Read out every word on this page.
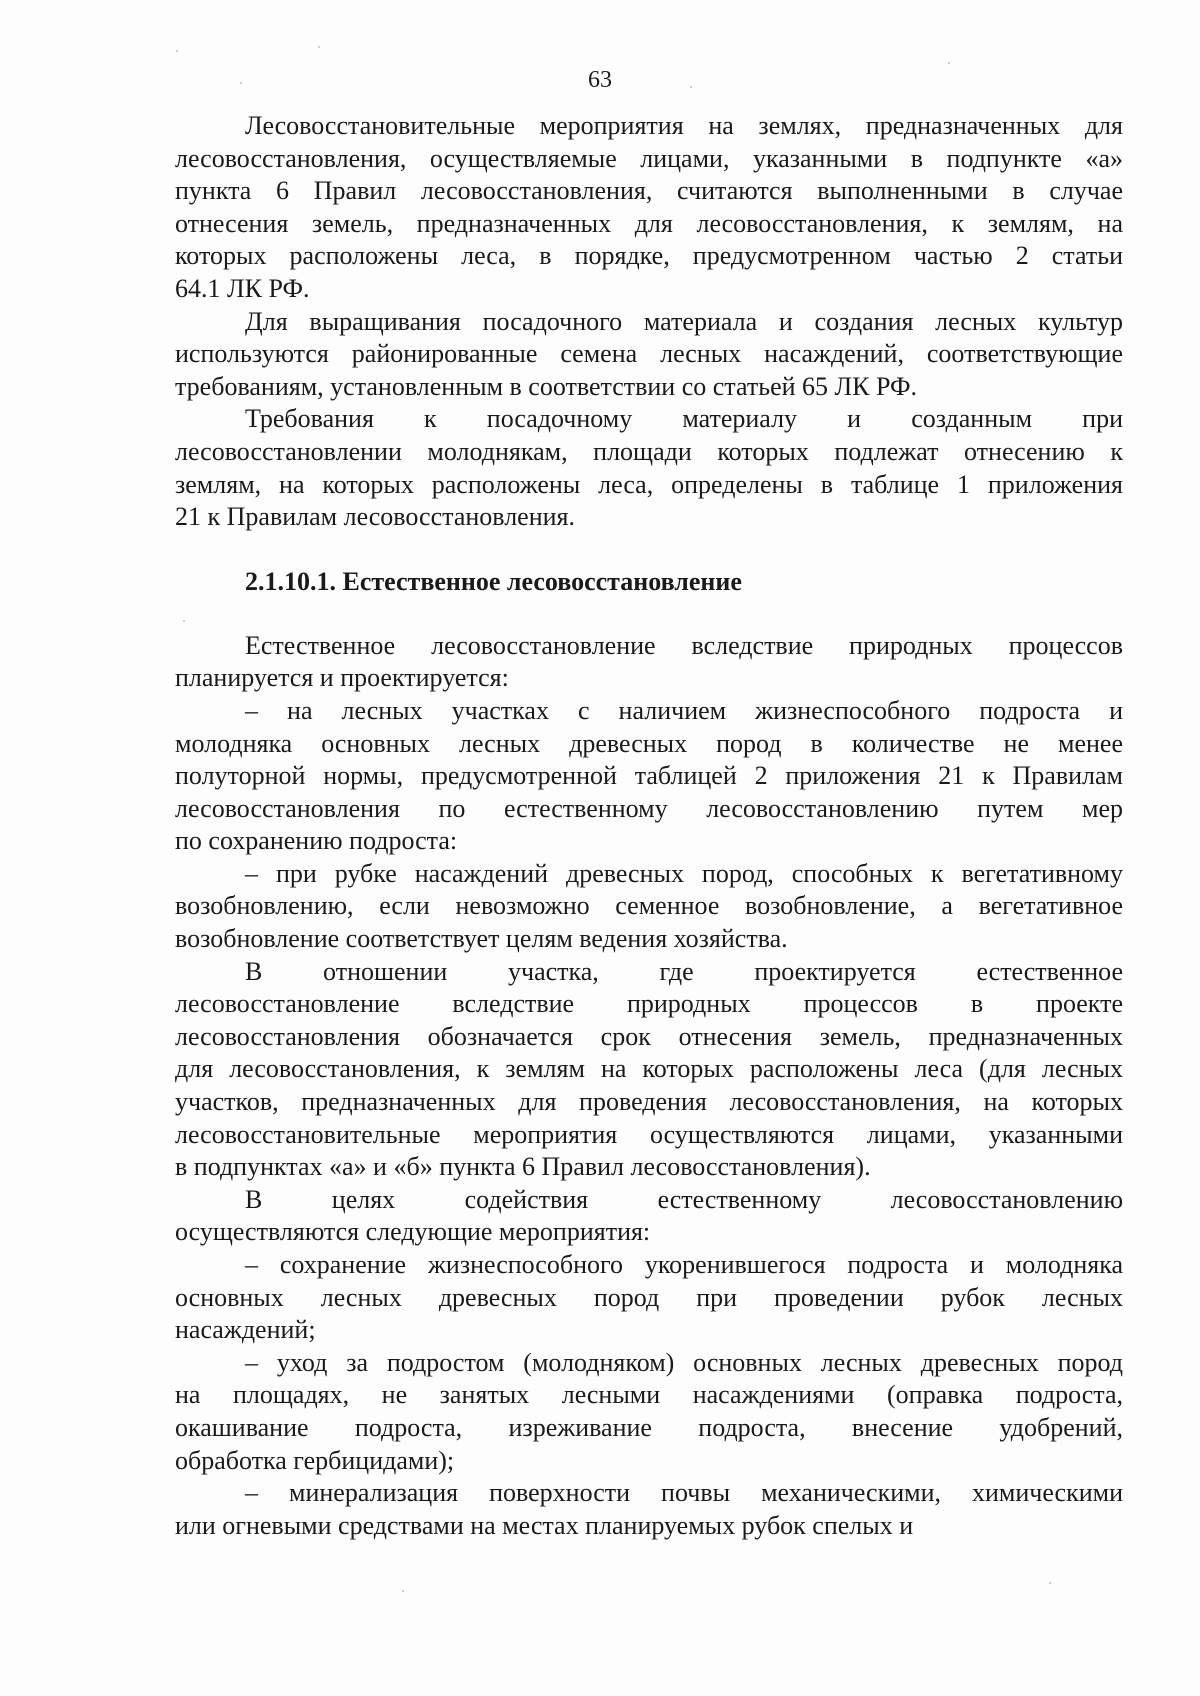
63
Лесовосстановительные мероприятия на землях, предназначенных для
лесовосстановления, осуществляемые лицами, указанными в подпункте «а»
пункта 6 Правил лесовосстановления, считаются выполненными в случае
отнесения земель, предназначенных для лесовосстановления, к землям, на
которых расположены леса, в порядке, предусмотренном частью 2 статьи
64.1 ЛК РФ.
Для выращивания посадочного материала и создания лесных культур
используются районированные семена лесных насаждений, соответствующие
требованиям, установленным в соответствии со статьей 65 ЛК РФ.
Требования к посадочному материалу и созданным при
лесовосстановлении молоднякам, площади которых подлежат отнесению к
землям, на которых расположены леса, определены в таблице 1 приложения
21 к Правилам лесовосстановления.
2.1.10.1. Естественное лесовосстановление
Естественное лесовосстановление вследствие природных процессов
планируется и проектируется:
– на лесных участках с наличием жизнеспособного подроста и
молодняка основных лесных древесных пород в количестве не менее
полуторной нормы, предусмотренной таблицей 2 приложения 21 к Правилам
лесовосстановления по естественному лесовосстановлению путем мер
по сохранению подроста:
– при рубке насаждений древесных пород, способных к вегетативному
возобновлению, если невозможно семенное возобновление, а вегетативное
возобновление соответствует целям ведения хозяйства.
В отношении участка, где проектируется естественное
лесовосстановление вследствие природных процессов в проекте
лесовосстановления обозначается срок отнесения земель, предназначенных
для лесовосстановления, к землям на которых расположены леса (для лесных
участков, предназначенных для проведения лесовосстановления, на которых
лесовосстановительные мероприятия осуществляются лицами, указанными
в подпунктах «а» и «б» пункта 6 Правил лесовосстановления).
В целях содействия естественному лесовосстановлению
осуществляются следующие мероприятия:
– сохранение жизнеспособного укоренившегося подроста и молодняка
основных лесных древесных пород при проведении рубок лесных
насаждений;
– уход за подростом (молодняком) основных лесных древесных пород
на площадях, не занятых лесными насаждениями (оправка подроста,
окашивание подроста, изреживание подроста, внесение удобрений,
обработка гербицидами);
– минерализация поверхности почвы механическими, химическими
или огневыми средствами на местах планируемых рубок спелых и
